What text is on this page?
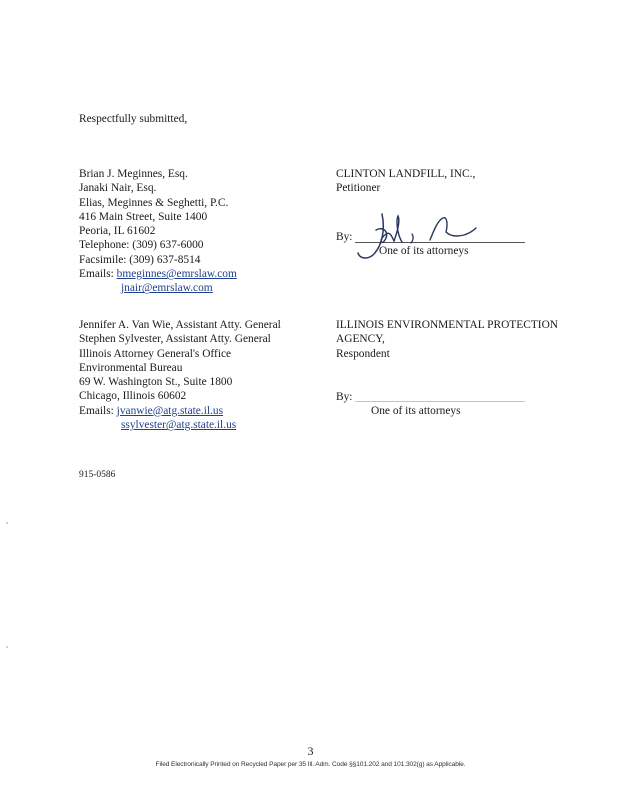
Respectfully submitted,
Brian J. Meginnes, Esq.
Janaki Nair, Esq.
Elias, Meginnes & Seghetti, P.C.
416 Main Street, Suite 1400
Peoria, IL 61602
Telephone: (309) 637-6000
Facsimile: (309) 637-8514
Emails: bmeginnes@emrslaw.com
jnair@emrslaw.com
CLINTON LANDFILL, INC.,
Petitioner
By:
One of its attorneys
Jennifer A. Van Wie, Assistant Atty. General
Stephen Sylvester, Assistant Atty. General
Illinois Attorney General's Office
Environmental Bureau
69 W. Washington St., Suite 1800
Chicago, Illinois 60602
Emails: jvanwie@atg.state.il.us
ssylvester@atg.state.il.us
ILLINOIS ENVIRONMENTAL PROTECTION
AGENCY,
Respondent
By:
One of its attorneys
915-0586
3
Filed Electronically Printed on Recycled Paper per 35 Ill. Adm. Code §§101.202 and 101.302(g) as Applicable.
